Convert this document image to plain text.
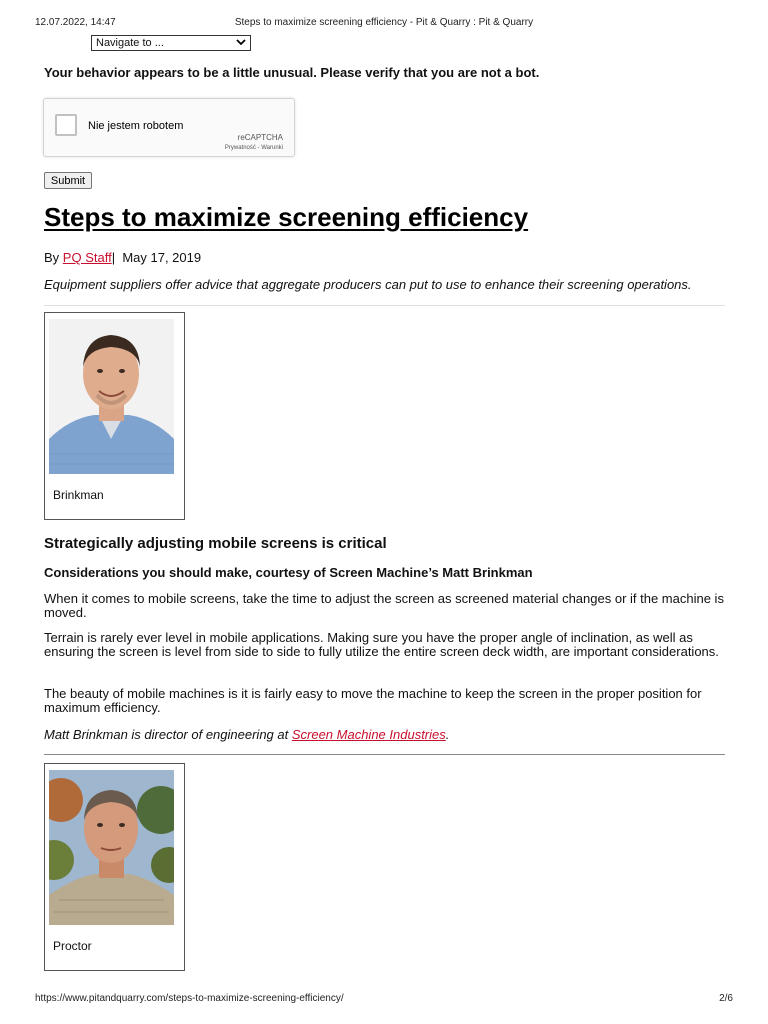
12.07.2022, 14:47	Steps to maximize screening efficiency - Pit & Quarry : Pit & Quarry
Navigate to ...
Your behavior appears to be a little unusual. Please verify that you are not a bot.
Nie jestem robotem
reCAPTCHA
Prywatność - Warunki
Submit
Steps to maximize screening efficiency
By PQ Staff| May 17, 2019
Equipment suppliers offer advice that aggregate producers can put to use to enhance their screening operations.
Brinkman
Strategically adjusting mobile screens is critical
Considerations you should make, courtesy of Screen Machine’s Matt Brinkman

When it comes to mobile screens, take the time to adjust the screen as screened material changes or if the machine is moved.

Terrain is rarely ever level in mobile applications. Making sure you have the proper angle of inclination, as well as ensuring the screen is level from side to side to fully utilize the entire screen deck width, are important considerations.

The beauty of mobile machines is it is fairly easy to move the machine to keep the screen in the proper position for maximum efficiency.

Matt Brinkman is director of engineering at Screen Machine Industries.

Proctor
https://www.pitandquarry.com/steps-to-maximize-screening-efficiency/	2/6
